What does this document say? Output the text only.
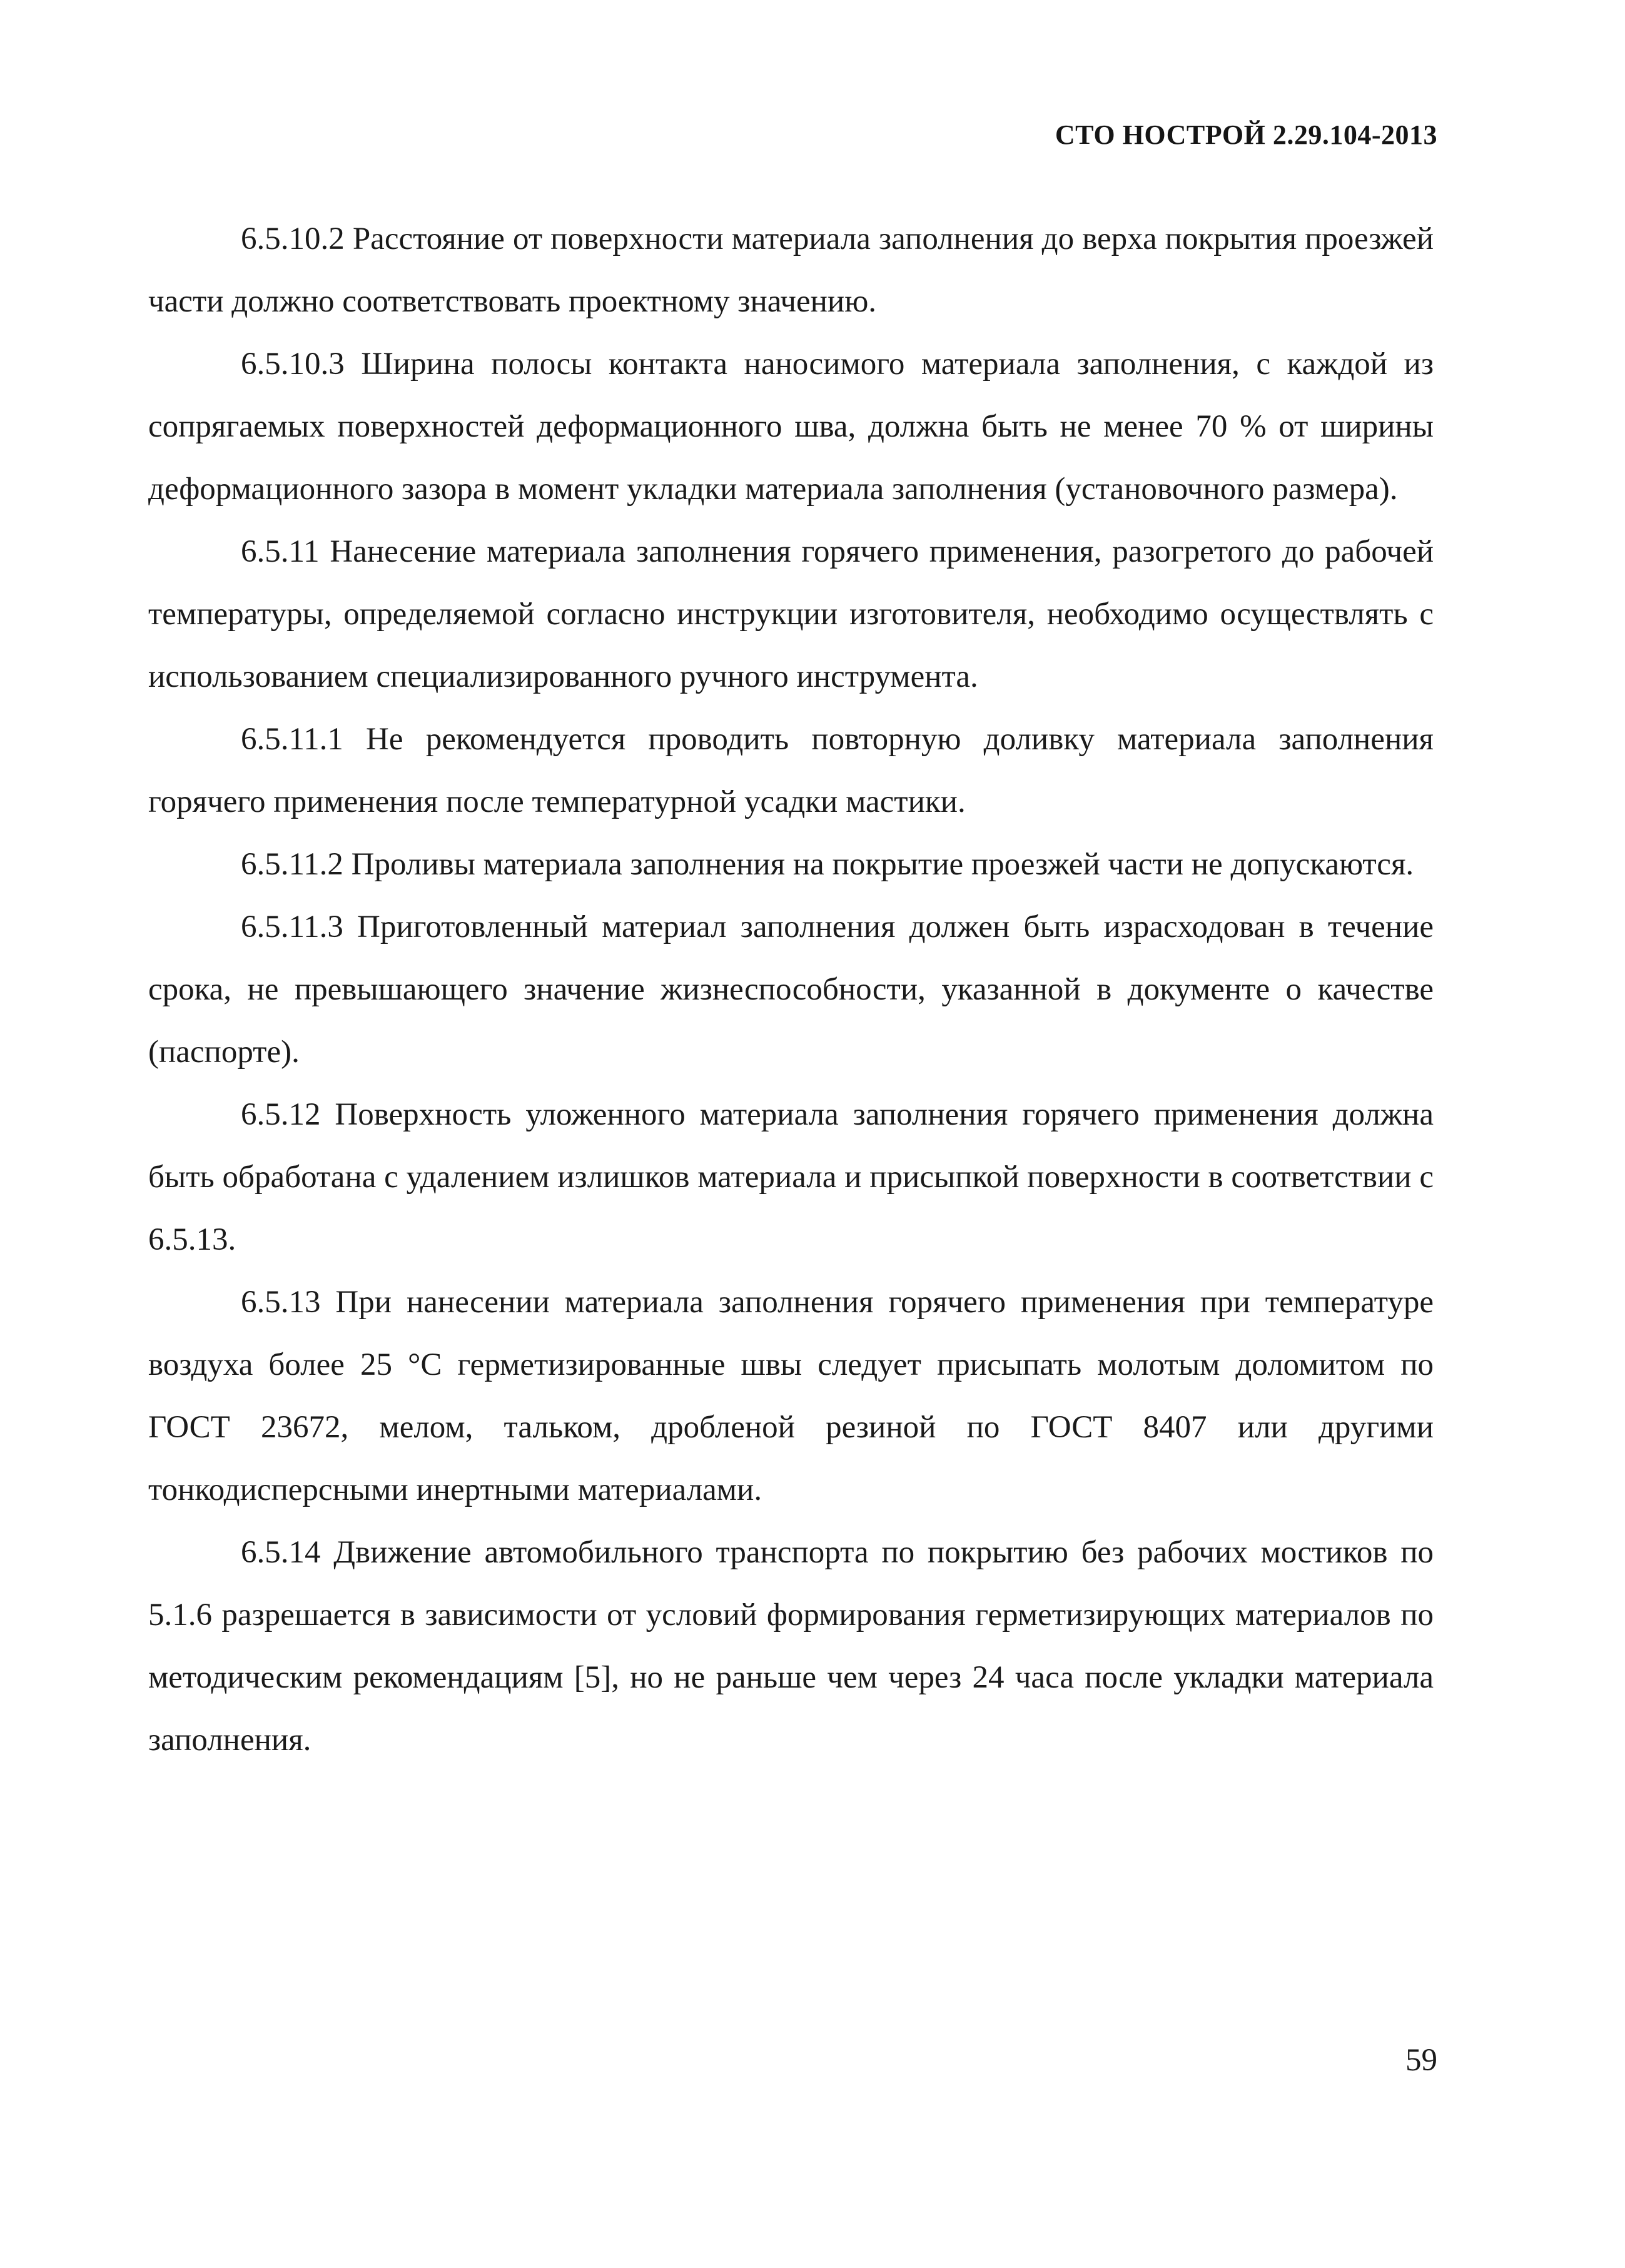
СТО НОСТРОЙ 2.29.104-2013

6.5.10.2 Расстояние от поверхности материала заполнения до верха покрытия проезжей части должно соответствовать проектному значению.

6.5.10.3 Ширина полосы контакта наносимого материала заполнения, с каждой из сопрягаемых поверхностей деформационного шва, должна быть не менее 70 % от ширины деформационного зазора в момент укладки материала заполнения (установочного размера).

6.5.11 Нанесение материала заполнения горячего применения, разогретого до рабочей температуры, определяемой согласно инструкции изготовителя, необходимо осуществлять с использованием специализированного ручного инструмента.

6.5.11.1 Не рекомендуется проводить повторную доливку материала заполнения горячего применения после температурной усадки мастики.

6.5.11.2 Проливы материала заполнения на покрытие проезжей части не допускаются.

6.5.11.3 Приготовленный материал заполнения должен быть израсходован в течение срока, не превышающего значение жизнеспособности, указанной в документе о качестве (паспорте).

6.5.12 Поверхность уложенного материала заполнения горячего применения должна быть обработана с удалением излишков материала и присыпкой поверхности в соответствии с 6.5.13.

6.5.13 При нанесении материала заполнения горячего применения при температуре воздуха более 25 °С герметизированные швы следует присыпать молотым доломитом по ГОСТ 23672, мелом, тальком, дробленой резиной по ГОСТ 8407 или другими тонкодисперсными инертными материалами.

6.5.14 Движение автомобильного транспорта по покрытию без рабочих мостиков по 5.1.6 разрешается в зависимости от условий формирования герметизирующих материалов по методическим рекомендациям [5], но не раньше чем через 24 часа после укладки материала заполнения.

59
